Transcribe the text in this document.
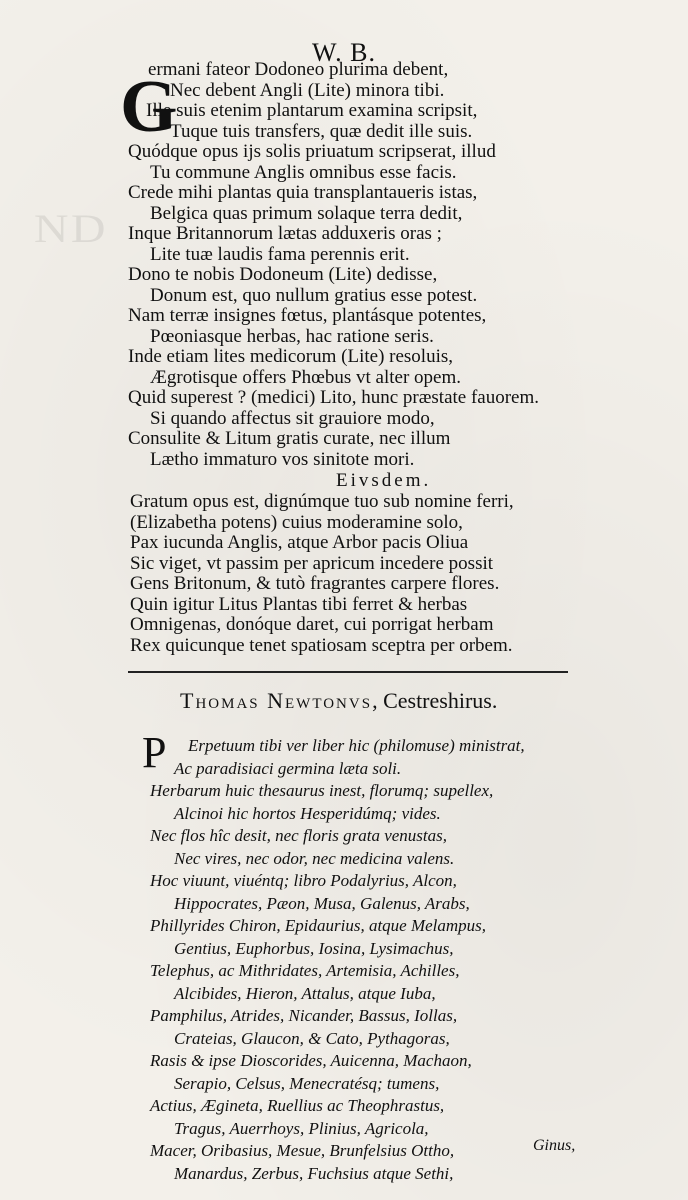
ND
W. B.
G
ermani fateor Dodoneo plurima debent,
Nec debent Angli (Lite) minora tibi.
Ille suis etenim plantarum examina scripsit,
Tuque tuis transfers, quæ dedit ille suis.
Quódque opus ijs solis priuatum scripserat, illud
Tu commune Anglis omnibus esse facis.
Crede mihi plantas quia transplantaueris istas,
Belgica quas primum solaque terra dedit,
Inque Britannorum lætas adduxeris oras ;
Lite tuæ laudis fama perennis erit.
Dono te nobis Dodoneum (Lite) dedisse,
Donum est, quo nullum gratius esse potest.
Nam terræ insignes fœtus, plantásque potentes,
Pœoniasque herbas, hac ratione seris.
Inde etiam lites medicorum (Lite) resoluis,
Ægrotisque offers Phœbus vt alter opem.
Quid superest ? (medici) Lito, hunc præstate fauorem.
Si quando affectus sit grauiore modo,
Consulite & Litum gratis curate, nec illum
Lætho immaturo vos sinitote mori.
Eivsdem.
Gratum opus est, dignúmque tuo sub nomine ferri,
(Elizabetha potens) cuius moderamine solo,
Pax iucunda Anglis, atque Arbor pacis Oliua
Sic viget, vt passim per apricum incedere possit
Gens Britonum, & tutò fragrantes carpere flores.
Quin igitur Litus Plantas tibi ferret & herbas
Omnigenas, donóque daret, cui porrigat herbam
Rex quicunque tenet spatiosam sceptra per orbem.
Thomas Newtonvs, Cestreshirus.
P Erpetuum tibi ver liber hic (philomuse) ministrat,
Ac paradisiaci germina læta soli.
Herbarum huic thesaurus inest, florumq; supellex,
Alcinoi hic hortos Hesperidúmq; vides.
Nec flos hîc desit, nec floris grata venustas,
Nec vires, nec odor, nec medicina valens.
Hoc viuunt, viuéntq; libro Podalyrius, Alcon,
Hippocrates, Pæon, Musa, Galenus, Arabs,
Phillyrides Chiron, Epidaurius, atque Melampus,
Gentius, Euphorbus, Iosina, Lysimachus,
Telephus, ac Mithridates, Artemisia, Achilles,
Alcibides, Hieron, Attalus, atque Iuba,
Pamphilus, Atrides, Nicander, Bassus, Iollas,
Crateias, Glaucon, & Cato, Pythagoras,
Rasis & ipse Dioscorides, Auicenna, Machaon,
Serapio, Celsus, Menecratésq; tumens,
Actius, Ægineta, Ruellius ac Theophrastus,
Tragus, Auerrhoys, Plinius, Agricola,
Macer, Oribasius, Mesue, Brunfelsius Ottho,
Manardus, Zerbus, Fuchsius atque Sethi,
Ginus,
